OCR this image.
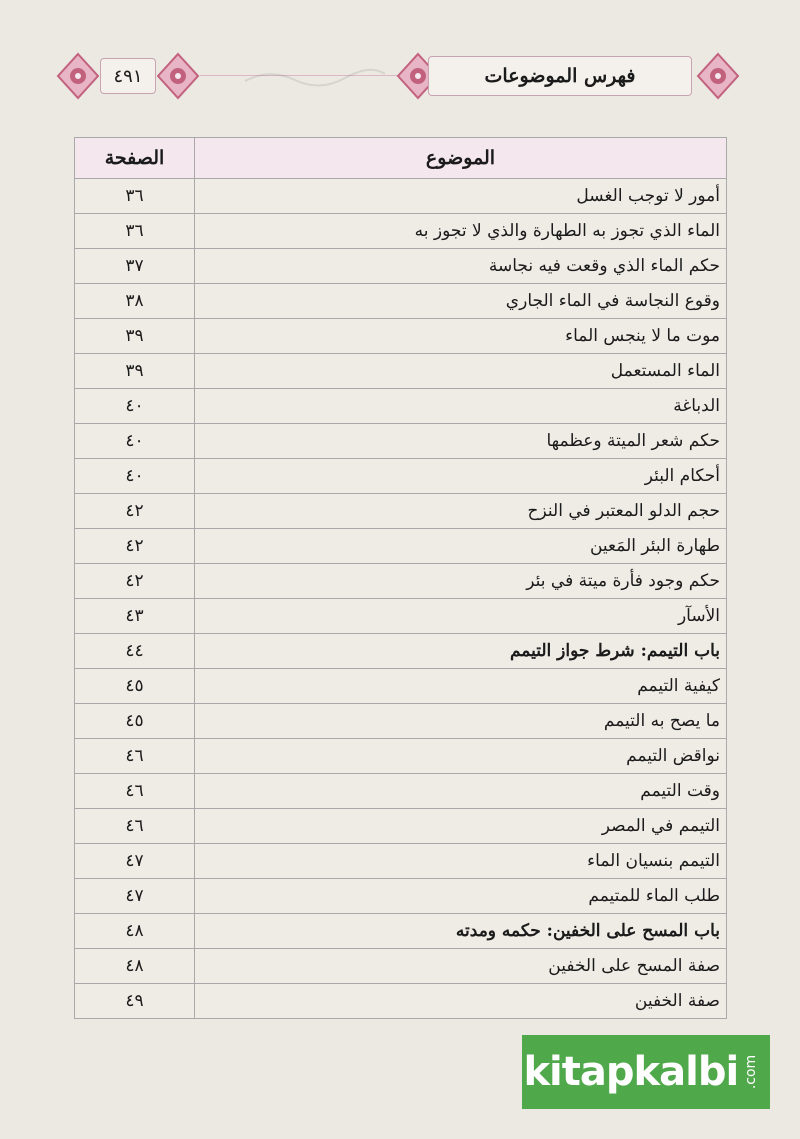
٤٩١	فهرس الموضوعات
الموضوع	الصفحة
أمور لا توجب الغسل	٣٦
الماء الذي تجوز به الطهارة والذي لا تجوز به	٣٦
حكم الماء الذي وقعت فيه نجاسة	٣٧
وقوع النجاسة في الماء الجاري	٣٨
موت ما لا ينجس الماء	٣٩
الماء المستعمل	٣٩
الدباغة	٤٠
حكم شعر الميتة وعظمها	٤٠
أحكام البئر	٤٠
حجم الدلو المعتبر في النزح	٤٢
طهارة البئر المَعين	٤٢
حكم وجود فأرة ميتة في بئر	٤٢
الأسآر	٤٣
باب التيمم: شرط جواز التيمم	٤٤
كيفية التيمم	٤٥
ما يصح به التيمم	٤٥
نواقض التيمم	٤٦
وقت التيمم	٤٦
التيمم في المصر	٤٦
التيمم بنسيان الماء	٤٧
طلب الماء للمتيمم	٤٧
باب المسح على الخفين: حكمه ومدته	٤٨
صفة المسح على الخفين	٤٨
صفة الخفين	٤٩
kitapkalbi .com
